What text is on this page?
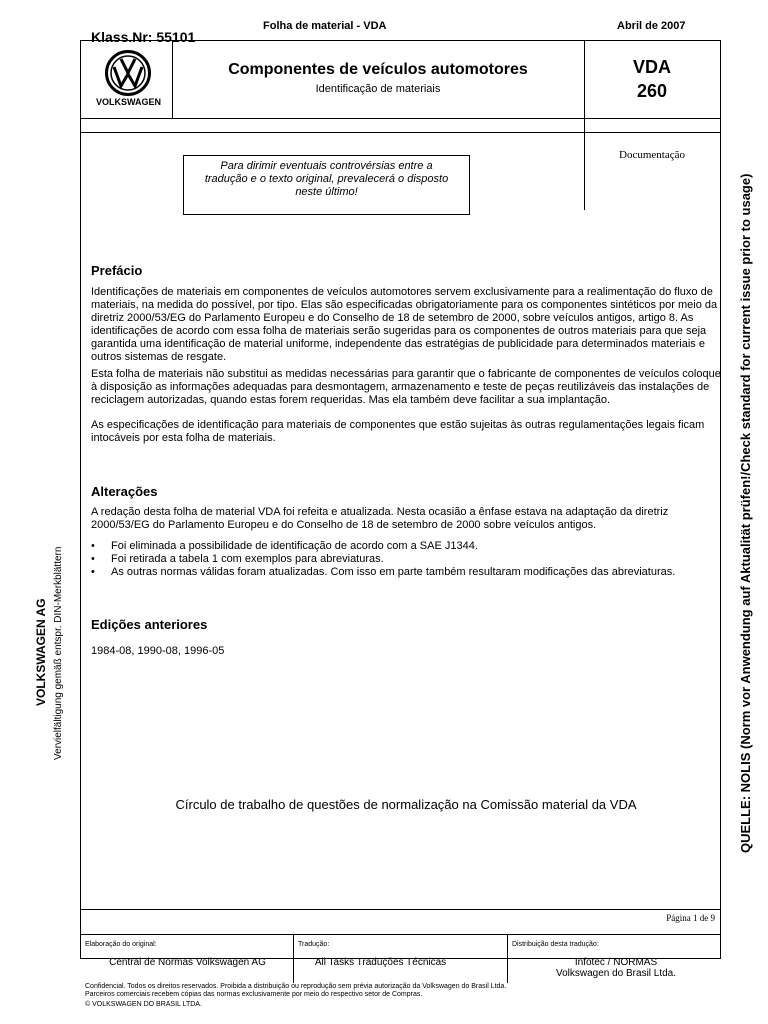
Folha de material - VDA	Abril de 2007
Klass.Nr: 55101
VOLKSWAGEN
Componentes de veículos automotores
Identificação de materiais
VDA
260
Para dirimir eventuais controvérsias entre a tradução e o texto original, prevalecerá o disposto neste último!
Documentação
Prefácio
Identificações de materiais em componentes de veículos automotores servem exclusivamente para a realimentação do fluxo de materiais, na medida do possível, por tipo. Elas são especificadas obrigatoriamente para os componentes sintéticos por meio da diretriz 2000/53/EG do Parlamento Europeu e do Conselho de 18 de setembro de 2000, sobre veículos antigos, artigo 8. As identificações de acordo com essa folha de materiais serão sugeridas para os componentes de outros materiais para que seja garantida uma identificação de material uniforme, independente das estratégias de publicidade para determinados materiais e outros sistemas de resgate.
Esta folha de materiais não substitui as medidas necessárias para garantir que o fabricante de componentes de veículos coloque à disposição as informações adequadas para desmontagem, armazenamento e teste de peças reutilizáveis das instalações de reciclagem autorizadas, quando estas forem requeridas. Mas ela também deve facilitar a sua implantação.
As especificações de identificação para materiais de componentes que estão sujeitas às outras regulamentações legais ficam intocáveis por esta folha de materiais.
Alterações
A redação desta folha de material VDA foi refeita e atualizada. Nesta ocasião a ênfase estava na adaptação da diretriz 2000/53/EG do Parlamento Europeu e do Conselho de 18 de setembro de 2000 sobre veículos antigos.
• Foi eliminada a possibilidade de identificação de acordo com a SAE J1344.
• Foi retirada a tabela 1 com exemplos para abreviaturas.
• As outras normas válidas foram atualizadas. Com isso em parte também resultaram modificações das abreviaturas.
Edições anteriores
1984-08, 1990-08, 1996-05
Círculo de trabalho de questões de normalização na Comissão material da VDA
Página 1 de 9
Elaboração do original:
Central de Normas Volkswagen AG
Tradução:
All Tasks Traduções Técnicas
Distribuição desta tradução:
Infotec / NORMAS
Volkswagen do Brasil Ltda.
Confidencial. Todos os direitos reservados. Proibida a distribuição ou reprodução sem prévia autorização da Volkswagen do Brasil Ltda.
Parceiros comerciais recebem cópias das normas exclusivamente por meio do respectivo setor de Compras.
© VOLKSWAGEN DO BRASIL LTDA.
VOLKSWAGEN AG Vervielfältigung gemäß entspr. DIN-Merkblättern	QUELLE: NOLIS (Norm vor Anwendung auf Aktualität prüfen!/Check standard for current issue prior to usage)
